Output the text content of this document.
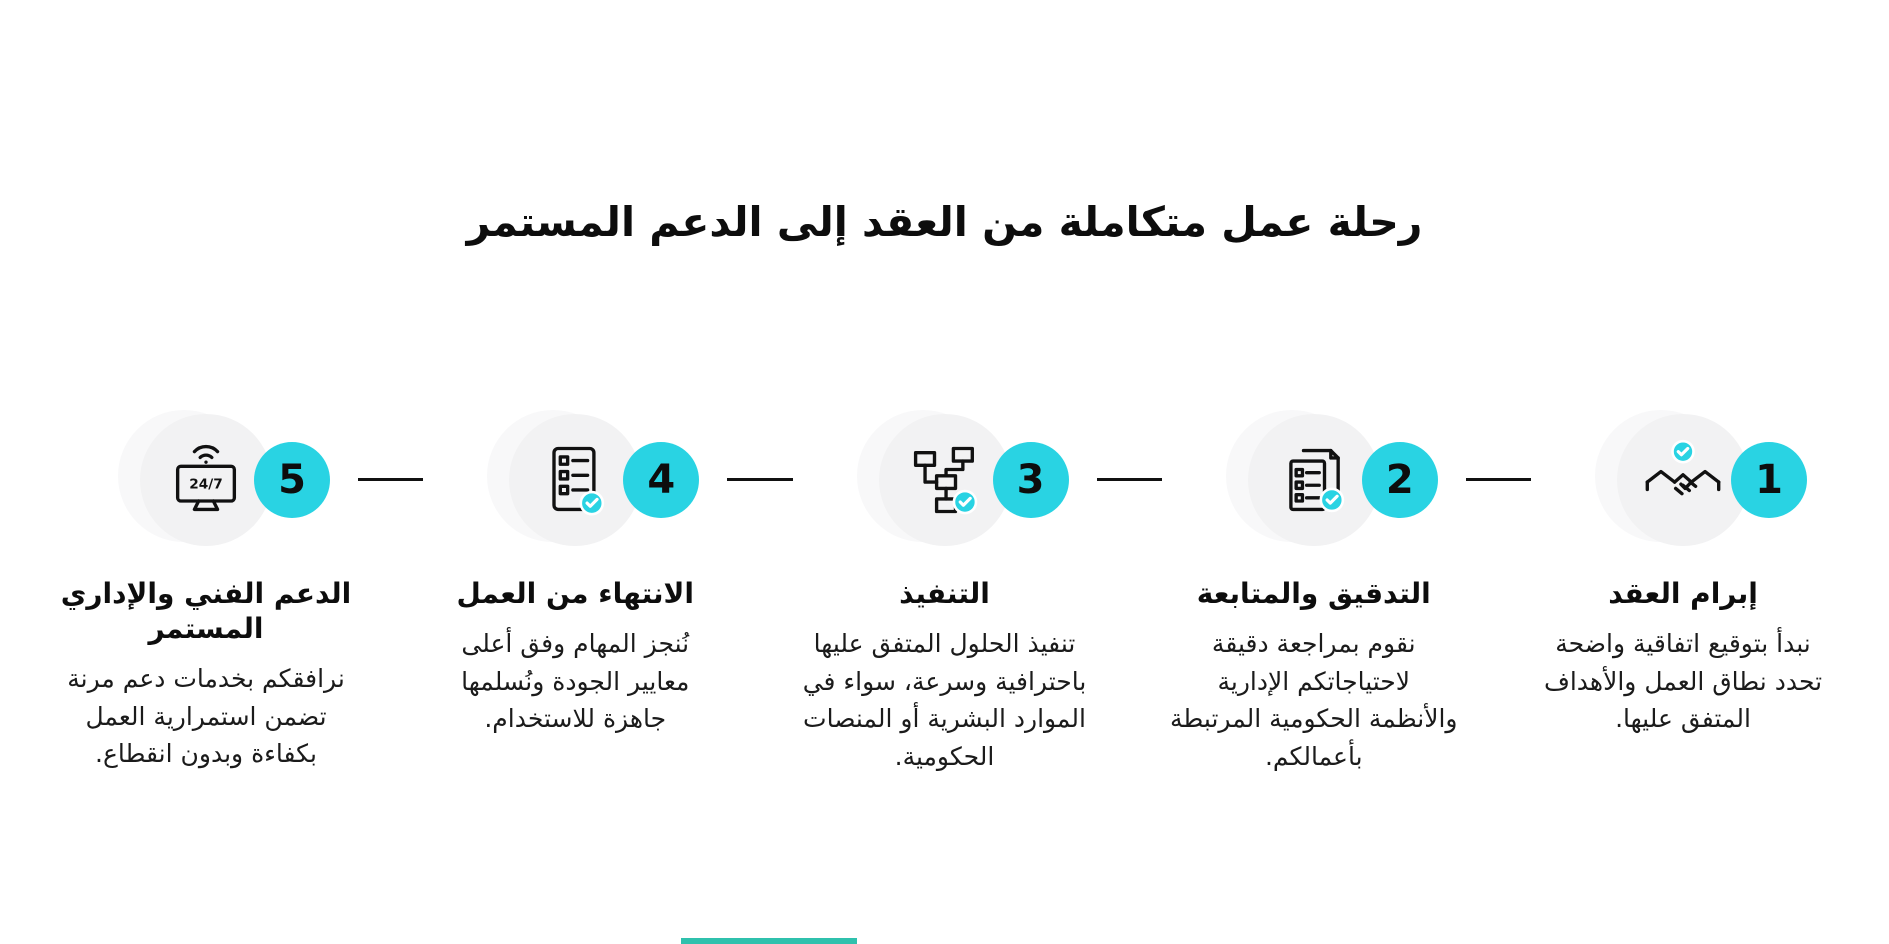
رحلة عمل متكاملة من العقد إلى الدعم المستمر
1
إبرام العقد

نبدأ بتوقيع اتفاقية واضحة تحدد نطاق العمل والأهداف المتفق عليها.

2
التدقيق والمتابعة

نقوم بمراجعة دقيقة لاحتياجاتكم الإدارية والأنظمة الحكومية المرتبطة بأعمالكم.

3
التنفيذ

تنفيذ الحلول المتفق عليها باحترافية وسرعة، سواء في الموارد البشرية أو المنصات الحكومية.

4
الانتهاء من العمل

نُنجز المهام وفق أعلى معايير الجودة ونُسلمها جاهزة للاستخدام.

24/7	5
الدعم الفني والإداري المستمر

نرافقكم بخدمات دعم مرنة تضمن استمرارية العمل بكفاءة وبدون انقطاع.
